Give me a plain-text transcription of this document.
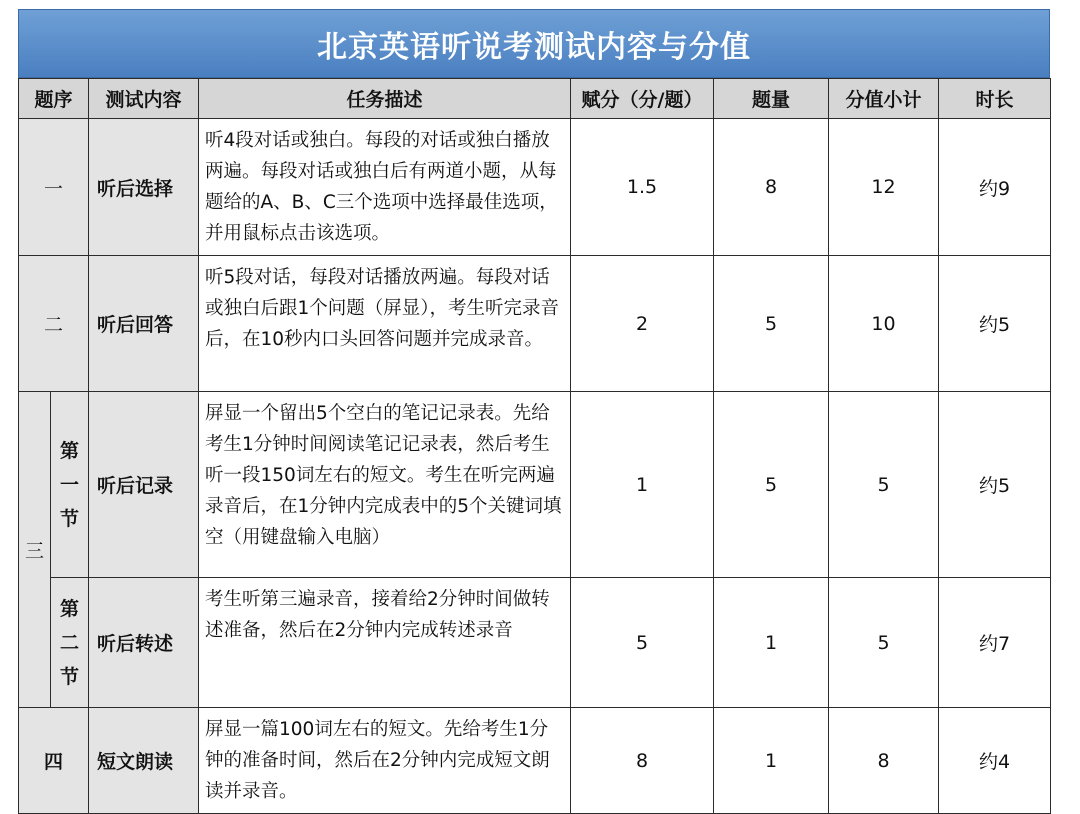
北京英语听说考测试内容与分值
题序		测试内容	任务描述	赋分（分/题）	题量	分值小计	时长
一		听后选择	听4段对话或独白。每段的对话或独白播放两遍。每段对话或独白后有两道小题，从每题给的A、B、C三个选项中选择最佳选项，并用鼠标点击该选项。	1.5	8	12	约9
二		听后回答	听5段对话，每段对话播放两遍。每段对话或独白后跟1个问题（屏显），考生听完录音后，在10秒内口头回答问题并完成录音。	2	5	10	约5
三	第一节	听后记录	屏显一个留出5个空白的笔记记录表。先给考生1分钟时间阅读笔记记录表，然后考生听一段150词左右的短文。考生在听完两遍录音后，在1分钟内完成表中的5个关键词填空（用键盘输入电脑）	1	5	5	约5
	第二节	听后转述	考生听第三遍录音，接着给2分钟时间做转述准备，然后在2分钟内完成转述录音	5	1	5	约7
四		短文朗读	屏显一篇100词左右的短文。先给考生1分钟的准备时间，然后在2分钟内完成短文朗读并录音。	8	1	8	约4
